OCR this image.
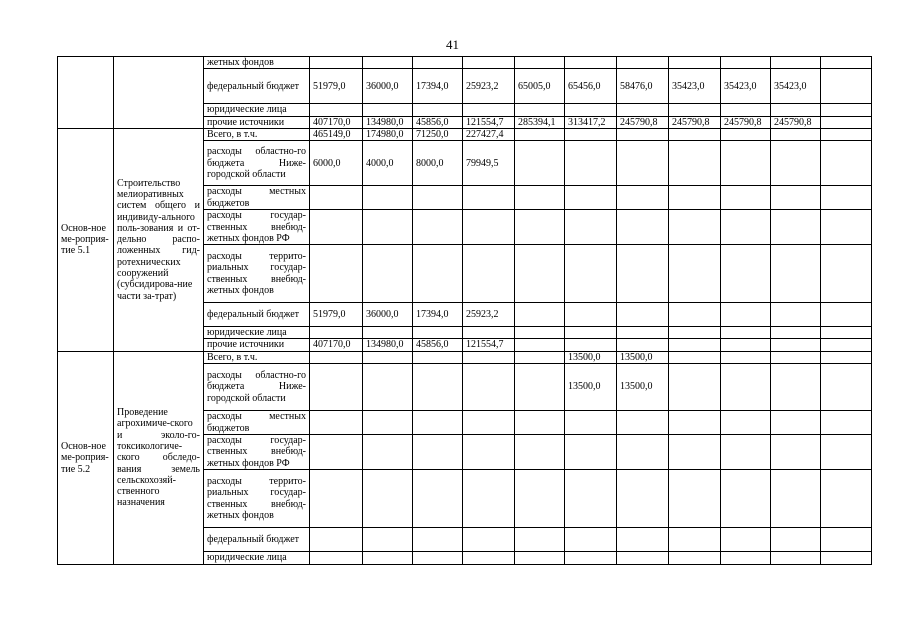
41
		жетных фондов											
		федеральный бюджет	51979,0	36000,0	17394,0	25923,2	65005,0	65456,0	58476,0	35423,0	35423,0	35423,0	
		юридические лица											
		прочие источники	407170,0	134980,0	45856,0	121554,7	285394,1	313417,2	245790,8	245790,8	245790,8	245790,8	
Основ-ное ме-роприя-тие 5.1	Строительство мелиоративных систем общего и индивиду-ального поль-зования и от-дельно распо-ложенных гид-ротехнических сооружений (субсидирова-ние части за-трат)	Всего, в т.ч.	465149,0	174980,0	71250,0	227427,4							
		расходы областно-го бюджета Ниже-городской области	6000,0	4000,0	8000,0	79949,5							
		расходы местных бюджетов											
		расходы государ-ственных внебюд-жетных фондов РФ											
		расходы террито-риальных государ-ственных внебюд-жетных фондов											
		федеральный бюджет	51979,0	36000,0	17394,0	25923,2							
		юридические лица											
		прочие источники	407170,0	134980,0	45856,0	121554,7							
Основ-ное ме-роприя-тие 5.2	Проведение агрохимиче-ского и эколо-го-токсикологиче-ского обследо-вания земель сельскохозяй-ственного назначения	Всего, в т.ч.						13500,0	13500,0				
		расходы областно-го бюджета Ниже-городской области						13500,0	13500,0				
		расходы местных бюджетов											
		расходы государ-ственных внебюд-жетных фондов РФ											
		расходы террито-риальных государ-ственных внебюд-жетных фондов											
		федеральный бюджет											
		юридические лица											
